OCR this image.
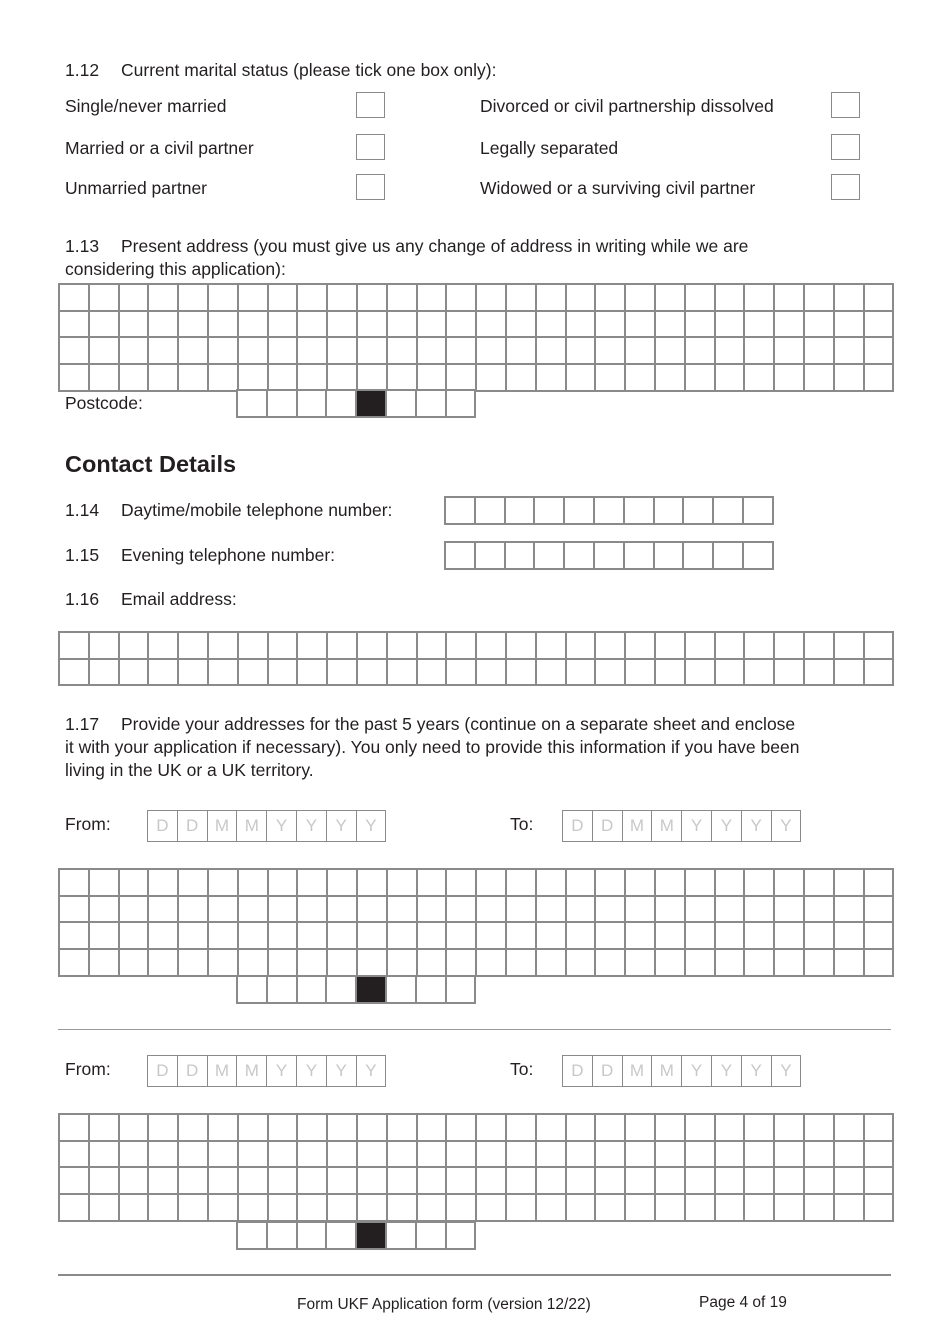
1.12 Current marital status (please tick one box only):
Single/never married	Divorced or civil partnership dissolved
Married or a civil partner	Legally separated
Unmarried partner	Widowed or a surviving civil partner
1.13 Present address (you must give us any change of address in writing while we are
considering this application):
Postcode:
Contact Details
1.14 Daytime/mobile telephone number:
1.15 Evening telephone number:
1.16 Email address:
1.17 Provide your addresses for the past 5 years (continue on a separate sheet and enclose
it with your application if necessary). You only need to provide this information if you have been
living in the UK or a UK territory.
From:	D	D M M	Y	Y	Y	Y	To:	D	D M M	Y	Y	Y	Y
From:	D	D M M	Y	Y	Y	Y	To:	D	D M M	Y	Y	Y	Y
Form UKF Application form (version 12/22)	Page 4 of 19
